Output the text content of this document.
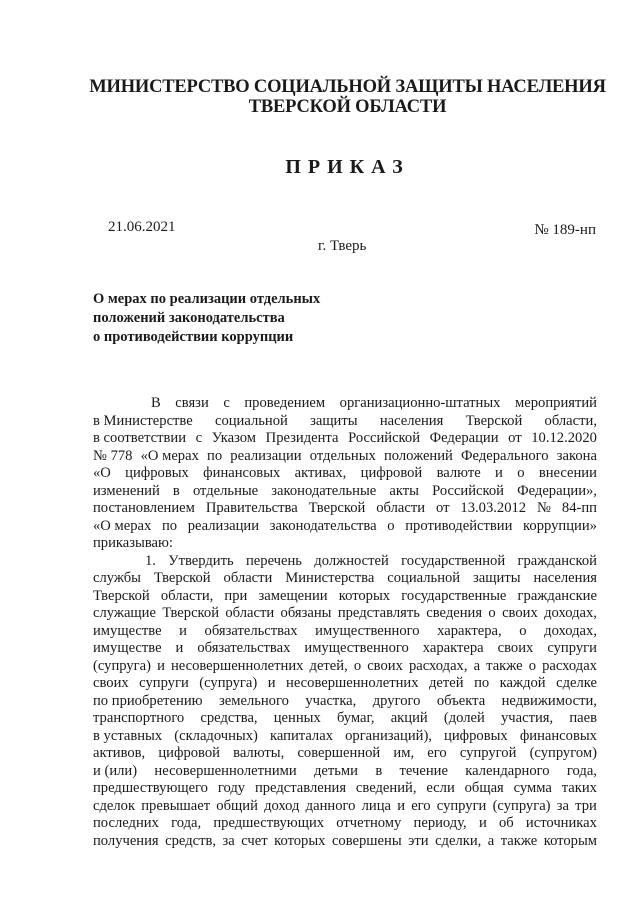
МИНИСТЕРСТВО СОЦИАЛЬНОЙ ЗАЩИТЫ НАСЕЛЕНИЯ
ТВЕРСКОЙ ОБЛАСТИ
ПРИКАЗ
21.06.2021	№ 189-нп
г. Тверь
О мерах по реализации отдельных
положений законодательства
о противодействии коррупции
В связи с проведением организационно-штатных мероприятий
в Министерстве социальной защиты населения Тверской области,
в соответствии с Указом Президента Российской Федерации от 10.12.2020
№ 778 «О мерах по реализации отдельных положений Федерального закона
«О цифровых финансовых активах, цифровой валюте и о внесении
изменений в отдельные законодательные акты Российской Федерации»,
постановлением Правительства Тверской области от 13.03.2012 № 84-пп
«О мерах по реализации законодательства о противодействии коррупции»
приказываю:
1. Утвердить перечень должностей государственной гражданской
службы Тверской области Министерства социальной защиты населения
Тверской области, при замещении которых государственные гражданские
служащие Тверской области обязаны представлять сведения о своих доходах,
имуществе и обязательствах имущественного характера, о доходах,
имуществе и обязательствах имущественного характера своих супруги
(супруга) и несовершеннолетних детей, о своих расходах, а также о расходах
своих супруги (супруга) и несовершеннолетних детей по каждой сделке
по приобретению земельного участка, другого объекта недвижимости,
транспортного средства, ценных бумаг, акций (долей участия, паев
в уставных (складочных) капиталах организаций), цифровых финансовых
активов, цифровой валюты, совершенной им, его супругой (супругом)
и (или) несовершеннолетними детьми в течение календарного года,
предшествующего году представления сведений, если общая сумма таких
сделок превышает общий доход данного лица и его супруги (супруга) за три
последних года, предшествующих отчетному периоду, и об источниках
получения средств, за счет которых совершены эти сделки, а также которым
